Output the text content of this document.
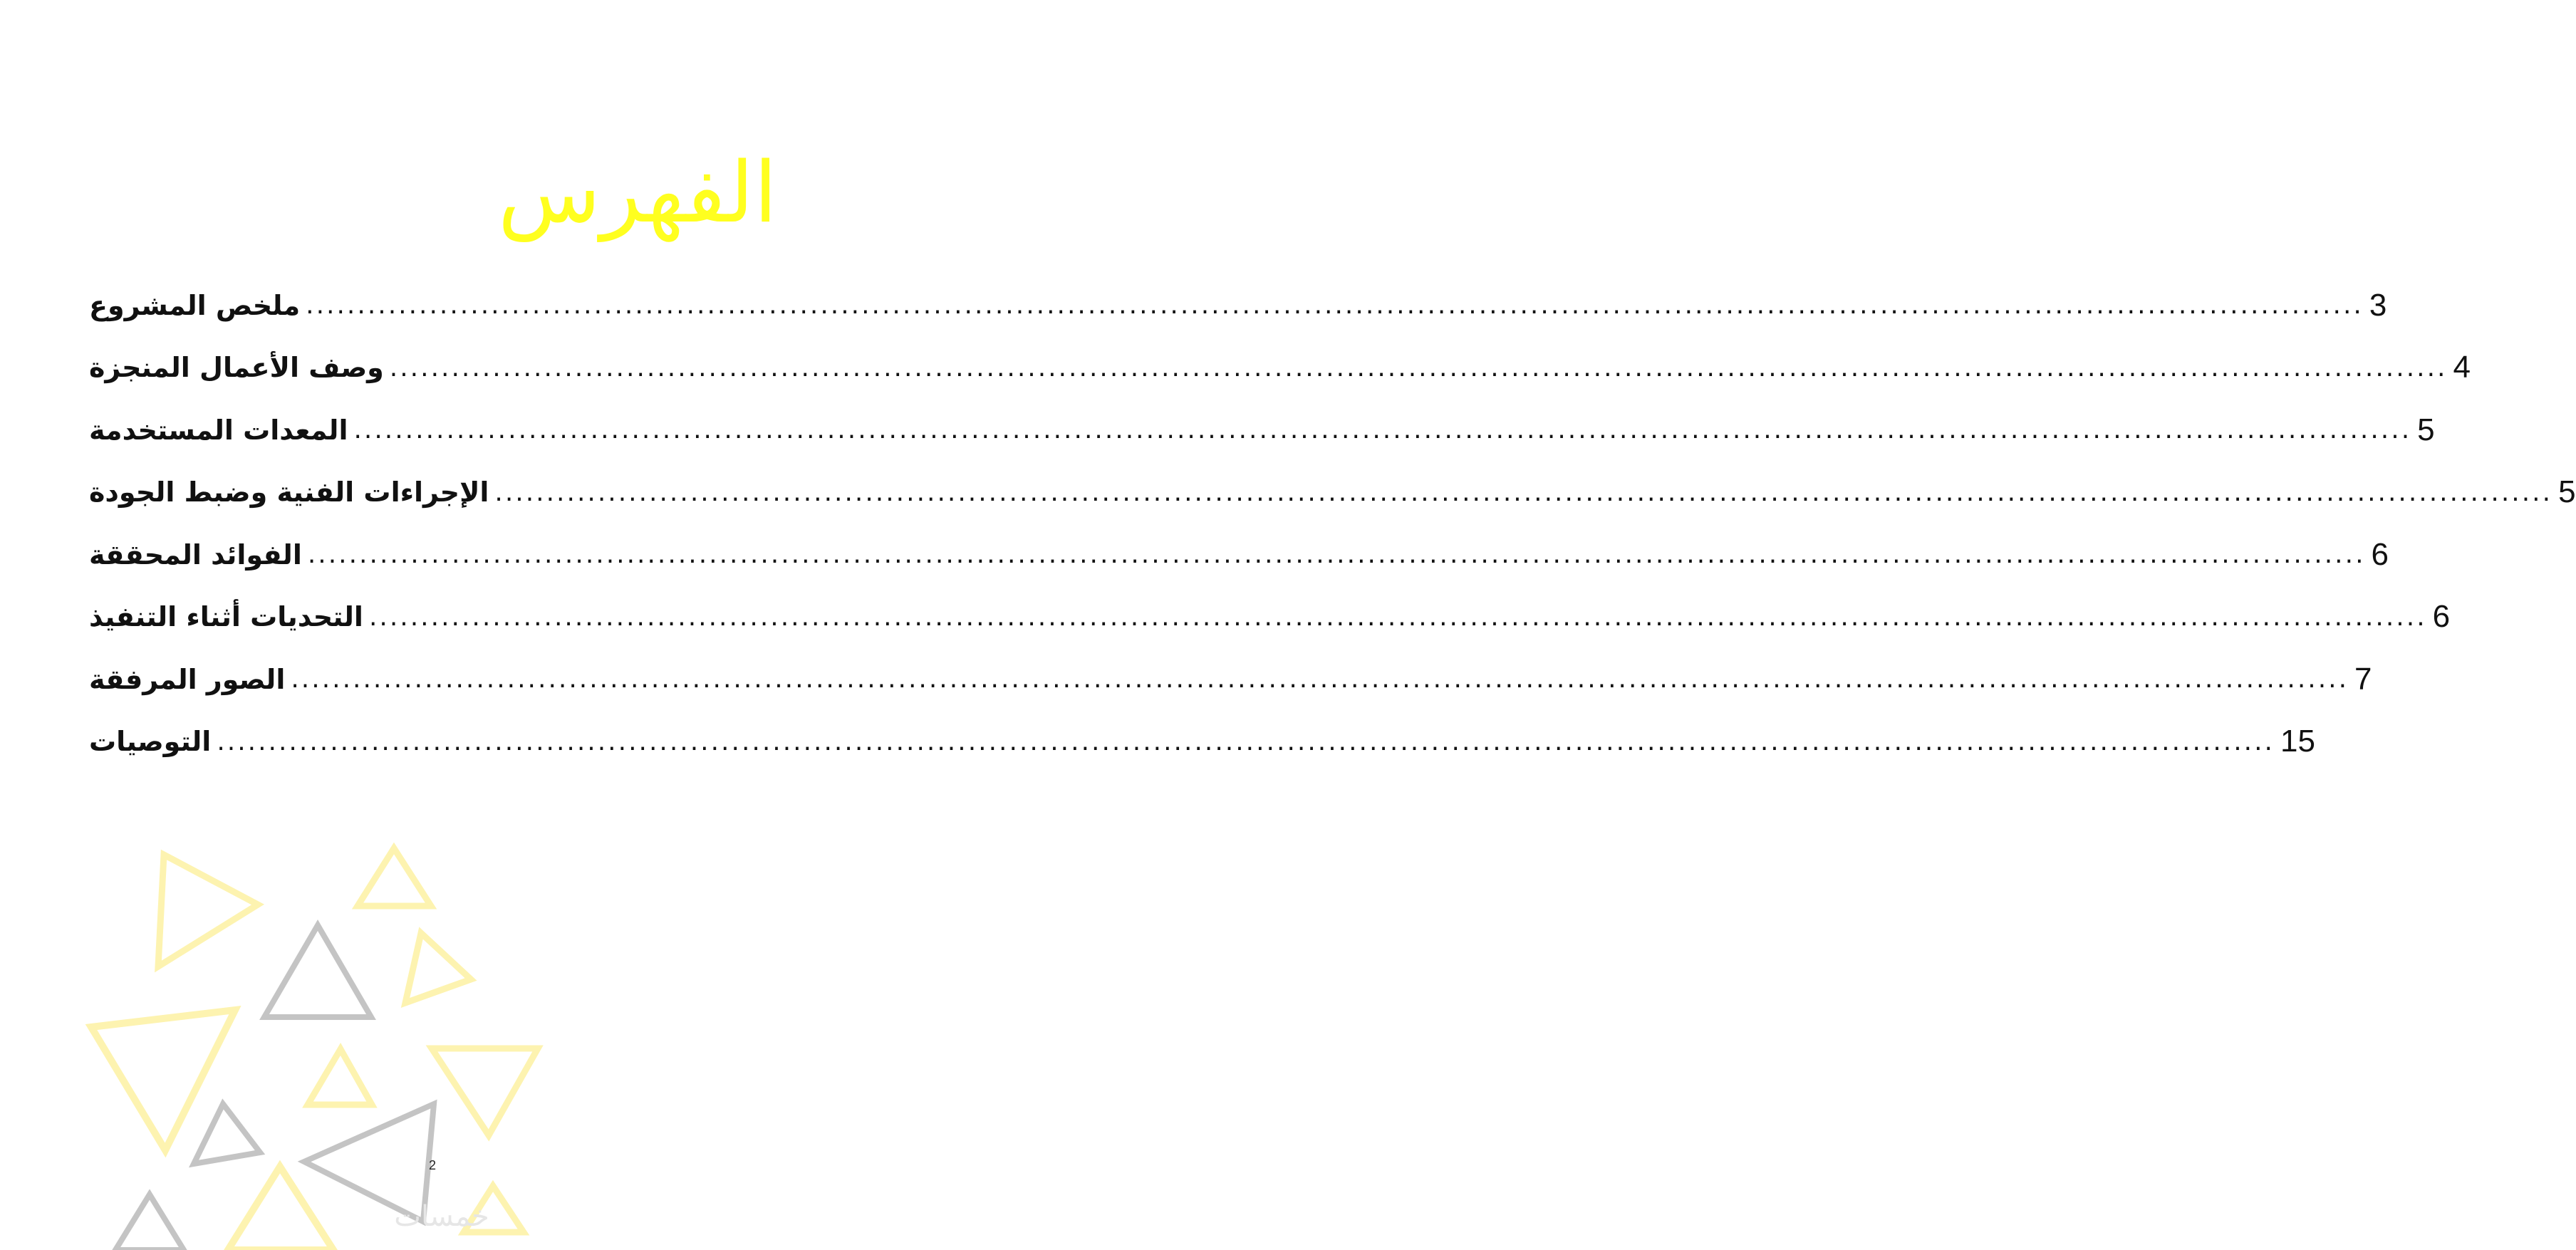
الفهرس
ملخص المشروع ........................................................................................................................................................................................................ 3
وصف الأعمال المنجزة ........................................................................................................................................................................................................ 4
المعدات المستخدمة ........................................................................................................................................................................................................ 5
الإجراءات الفنية وضبط الجودة ........................................................................................................................................................................................................ 5
الفوائد المحققة ........................................................................................................................................................................................................ 6
التحديات أثناء التنفيذ ........................................................................................................................................................................................................ 6
الصور المرفقة ........................................................................................................................................................................................................ 7
التوصيات ........................................................................................................................................................................................................ 15
2
خمسات
